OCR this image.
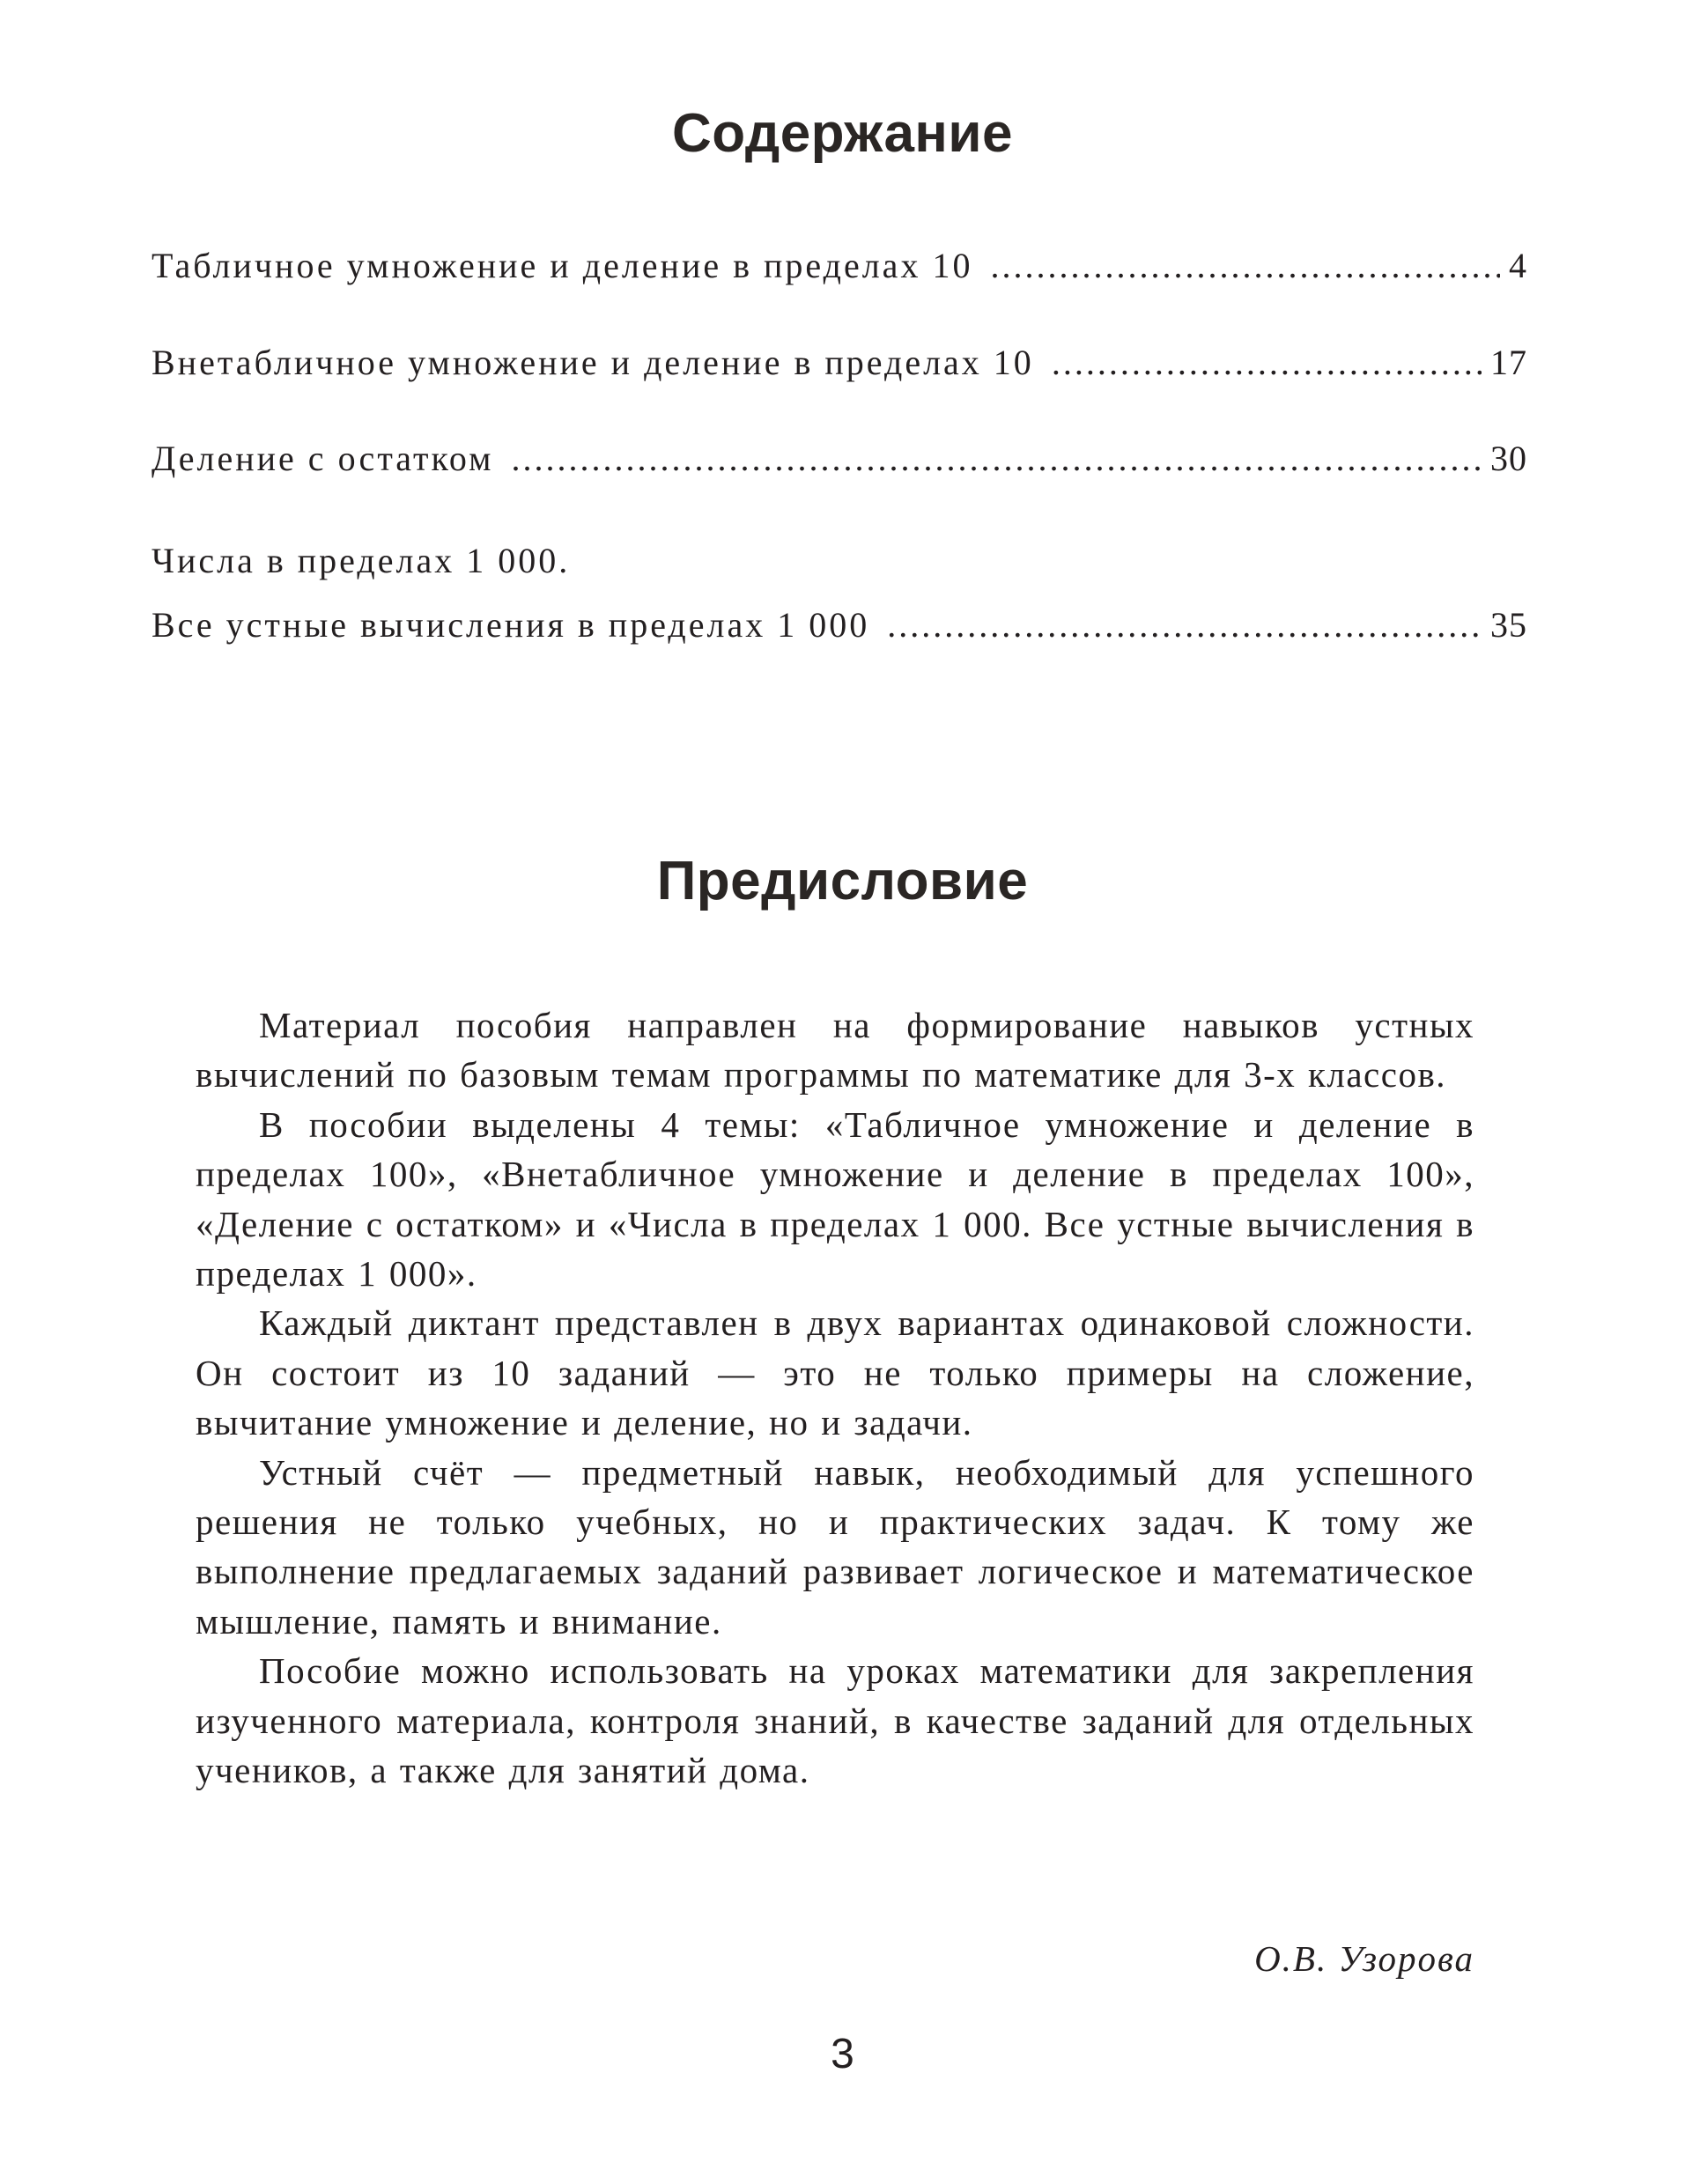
Содержание
Табличное умножение и деление в пределах 10 .....	4
Внетабличное умножение и деление в пределах 10 .....	17
Деление с остатком .....	30
Числа в пределах 1 000.
Все устные вычисления в пределах 1 000 .....	35
Предисловие

Материал пособия направлен на формирование навыков устных вычислений по базовым темам программы по математике для 3-х классов.

В пособии выделены 4 темы: «Табличное умножение и деление в пределах 100», «Внетабличное умножение и деление в пределах 100», «Деление с остатком» и «Числа в пределах 1 000. Все устные вычисления в пределах 1 000».

Каждый диктант представлен в двух вариантах одинаковой сложности. Он состоит из 10 заданий — это не только примеры на сложение, вычитание умножение и деление, но и задачи.

Устный счёт — предметный навык, необходимый для успешного решения не только учебных, но и практических задач. К тому же выполнение предлагаемых заданий развивает логическое и математическое мышление, память и внимание.

Пособие можно использовать на уроках математики для закрепления изученного материала, контроля знаний, в качестве заданий для отдельных учеников, а также для занятий дома.

О.В. Узорова
3
